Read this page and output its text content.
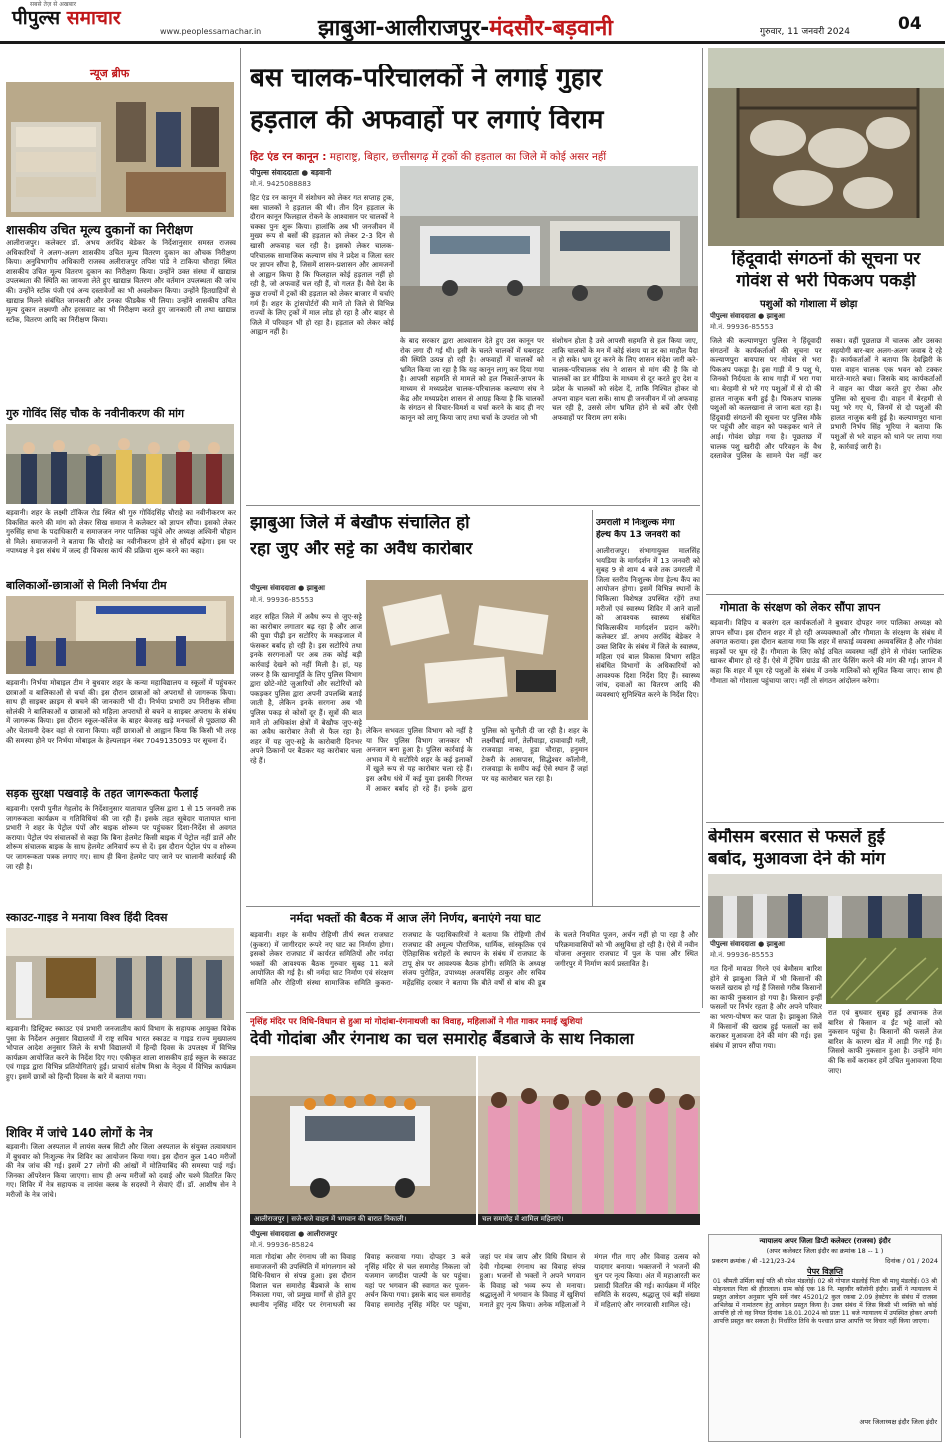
पीपुल्स समाचार
सबसे तेज़ से अखबार
www.peoplessamachar.in	झाबुआ-आलीराजपुर-मंदसौर-बड़वानी	गुरुवार, 11 जनवरी 2024	04
न्यूज ब्रीफ
शासकीय उचित मूल्य दुकानों का निरीक्षण
आलीराजपुर। कलेक्टर डॉ. अभय अरविंद बेडेकर के निर्देशानुसार समस्त राजस्व अधिकारियों ने अलग-अलग शासकीय उचित मूल्य वितरण दुकान का औचक निरीक्षण किया। अनुविभागीय अधिकारी राजस्व अलीराजपुर तपिश पांडे ने टाकिया चौराहा स्थित शासकीय उचित मूल्य वितरण दुकान का निरीक्षण किया। उन्होंने उक्त संस्था में खाद्यान्न उपलब्धता की स्थिति का जायजा लेते हुए खाद्यान्न वितरण और वर्तमान उपलब्धता की जांच की। उन्होंने स्टॉक पंजी एवं अन्य दस्तावेजों का भी अवलोकन किया। उन्होंने हितग्राहियों से खाद्यान्न मिलने संबंधित जानकारी और उनका फीडबैक भी लिया। उन्होंने शासकीय उचित मूल्य दुकान लक्ष्मणी और हरसवाट का भी निरीक्षण करते हुए जानकारी ली तथा खाद्यान्न स्टॉक, वितरण आदि का निरीक्षण किया।
गुरु गोविंद सिंह चौक के नवीनीकरण की मांग
बड़वानी। शहर के लक्ष्मी टॉकिज रोड स्थित श्री गुरु गोविंदसिंह चौराहे का नवीनीकरण कर विकसित करने की मांग को लेकर सिख समाज ने कलेक्टर को ज्ञापन सौंपा। इसको लेकर गुरुसिंह सभा के पदाधिकारी व समाजजन नगर पालिका पहुंचे और अध्यक्ष अश्विनी चौहान से मिले। समाजजनों ने बताया कि चौराहे का नवीनीकरण होने से सौंदर्य बढ़ेगा। इस पर नपाध्यक्ष ने इस संबंध में जल्द ही विकास कार्य की प्रक्रिया शुरू करने का कहा।
बालिकाओं-छात्राओं से मिली निर्भया टीम
बड़वानी। निर्भया मोबाइल टीम ने बुधवार शहर के कन्या महाविद्यालय व स्कूलों में पहुंचकर छात्राओं व बालिकाओं से चर्चा की। इस दौरान छात्राओं को अपराधों से जागरूक किया। साथ ही साइबर क्राइम से बचने की जानकारी भी दी। निर्भया प्रभारी उप निरीक्षक सीमा सोलंकी ने बालिकाओं व छात्राओं को महिला अपराधों से बचने व साइबर अपराध के संबंध में जागरूक किया। इस दौरान स्कूल-कॉलेज के बाहर बेवजह खड़े मनचलों से पूछताछ की और चेतावनी देकर वहां से रवाना किया। वहीं छात्राओं से आह्वान किया कि किसी भी तरह की समस्या होने पर निर्भया मोबाइल के हेल्पलाइन नंबर 7049135093 पर सूचना दें।
सड़क सुरक्षा पखवाड़े के तहत जागरूकता फैलाई
बड़वानी। एसपी पुनीत गेहलोद के निर्देशानुसार यातायात पुलिस द्वारा 1 से 15 जनवरी तक जागरूकता कार्यक्रम व गतिविधियां की जा रही हैं। इसके तहत सूबेदार यातायात थाना प्रभारी ने शहर के पेट्रोल पंपों और बाइक शोरूम पर पहुंचकर दिशा-निर्देश से अवगत कराया। पेट्रोल पंप संचालकों से कहा कि बिना हेलमेट किसी बाइक में पेट्रोल नहीं डालें और शोरूम संचालक बाइक के साथ हेलमेट अनिवार्य रूप से दें। इस दौरान पेट्रोल पंप व शोरूम पर जागरूकता पत्रक लगाए गए। साथ ही बिना हेलमेट पाए जाने पर चालानी कार्रवाई की जा रही है।
स्काउट-गाइड ने मनाया विश्व हिंदी दिवस
बड़वानी। डिस्ट्रिक्ट स्काउट एवं प्रभारी जनजातीय कार्य विभाग के सहायक आयुक्त विवेक पुसा के निर्देशन अनुसार विद्यालयों में राष्ट्र सचिव भारत स्काउट व गाइड राज्य मुख्यालय भोपाल आदेश अनुसार जिले के सभी विद्यालयों में हिन्दी दिवस के उपलक्ष्य में विभिन्न कार्यक्रम आयोजित करने के निर्देश दिए गए। एकीकृत शाला शासकीय हाई स्कूल के स्काउट एवं गाइड द्वारा विभिन्न प्रतियोगिताएं हुईं। प्राचार्य संतोष मिश्रा के नेतृत्व में विभिन्न कार्यक्रम हुए। इसमें छात्रों को हिन्दी दिवस के बारे में बताया गया।
शिविर में जांचे 140 लोगों के नेत्र
बड़वानी। जिला अस्पताल में लायंस क्लब सिटी और जिला अस्पताल के संयुक्त तत्वावधान में बुधवार को निःशुल्क नेत्र शिविर का आयोजन किया गया। इस दौरान कुल 140 मरीजों की नेत्र जांच की गई। इसमें 27 लोगों की आंखों में मोतियाबिंद की समस्या पाई गई। जिनका ऑपरेशन किया जाएगा। साथ ही अन्य मरीजों को दवाई और चश्मे वितरित किए गए। शिविर में नेत्र सहायक व लायंस क्लब के सदस्यों ने सेवाएं दीं। डॉ. आशीष सेन ने मरीजों के नेत्र जांचे।
बस चालक-परिचालकों ने लगाई गुहार
हड़ताल की अफवाहों पर लगाएं विराम
हिट एंड रन कानून : महाराष्ट्र, बिहार, छत्तीसगढ़ में ट्रकों की हड़ताल का जिले में कोई असर नहीं
पीपुल्स संवाददाता ● बड़वानी
मो.नं. 9425088883
हिट एंड रन कानून में संशोधन को लेकर गत सप्ताह ट्रक, बस चालकों ने हड़ताल की थी। तीन दिन हड़ताल के दौरान कानून फिलहाल रोकने के आश्वासन पर चालकों ने चक्का पुनः शुरू किया। हालांकि अब भी जनजीवन में मुख्य रूप से बसों की हड़ताल को लेकर 2-3 दिन से खासी अफवाह चल रही है। इसको लेकर चालक-परिचालक सामाजिक कल्याण संघ ने प्रदेश व जिला स्तर पर ज्ञापन सौंपा है, जिसमें शासन-प्रशासन और आमजनों से आह्वान किया है कि फिलहाल कोई हड़ताल नहीं हो रही है, जो अफवाहें चल रही हैं, वो गलत हैं। वैसे देश के कुछ राज्यों में ट्रकों की हड़ताल को लेकर बाजार में चर्चाएं गर्म हैं। शहर के ट्रांसपोर्टरों की मानें तो जिले से विभिन्न राज्यों के लिए ट्रकों में माल लोड हो रहा है और बाहर से जिले में परिवहन भी हो रहा है। हड़ताल को लेकर कोई आह्वान नहीं है।
के बाद सरकार द्वारा आश्वासन देते हुए उस कानून पर रोक लगा दी गई थी। इसी के चलते चालकों में घबराहट की स्थिति उत्पन्न हो रही है। अफवाहों में चालकों को भ्रमित किया जा रहा है कि यह कानून लागू कर दिया गया है। आपसी सहमति से मामले को हल निकालें-ज्ञापन के माध्यम से मध्यप्रदेश चालक-परिचालक कल्याण संघ ने केंद्र और मध्यप्रदेश शासन से आग्रह किया है कि चालकों के संगठन से विचार-विमर्श व चर्चा करने के बाद ही नए कानून को लागू किया जाए तथा चर्चा के उपरांत जो भी
संशोधन होता है उसे आपसी सहमति से हल किया जाए, ताकि चालकों के मन में कोई संशय या डर का माहौल पैदा न हो सके। भ्रम दूर करने के लिए शासन संदेश जारी करे-चालक-परिचालक संघ ने शासन से मांग की है कि वो चालकों का डर मीडिया के माध्यम से दूर करते हुए देश व प्रदेश के चालकों को संदेश दें, ताकि निश्चित होकर वो अपना वाहन चला सकें। साथ ही जनजीवन में जो अफवाह चल रही है, उससे लोग भ्रमित होने से बचें और ऐसी अफवाहों पर विराम लग सके।
हिंदूवादी संगठनों की सूचना पर
गोवंश से भरी पिकअप पकड़ी
पशुओं को गोशाला में छोड़ा
पीपुल्स संवाददाता ● झाबुआ
मो.नं. 99936-85553
जिले की कल्याणपुरा पुलिस ने हिंदूवादी संगठनों के कार्यकर्ताओं की सूचना पर कल्याणपुरा बायपास पर गोवंश से भरा पिकअप पकड़ा है। इस गाड़ी में 9 पशु थे, जिनको निर्दयता के साथ गाड़ी में भरा गया था। बेरहमी से भरे गए पशुओं में से दो की हालत नाजुक बनी हुई है। पिकअप चालक पशुओं को कत्लखाना ले जाना बता रहा है। हिंदूवादी संगठनों की सूचना पर पुलिस मौके पर पहुंची और वाहन को पकड़कर थाने ले आई। गोवंश छोड़ा गया है। पूछताछ में चालक पशु खरीदी और परिवहन के वैध दस्तावेज पुलिस के सामने पेश नहीं कर सका। वहीं पूछताछ में चालक और उसका सहयोगी बार-बार अलग-अलग जवाब दे रहे हैं। कार्यकर्ताओं ने बताया कि देवझिरी के पास वाहन चालक एक भवन को टक्कर मारते-मारते बचा। जिसके बाद कार्यकर्ताओं ने वाहन का पीछा करते हुए रोका और पुलिस को सूचना दी। वाहन में बेरहमी से पशु भरे गए थे, जिनमें से दो पशुओं की हालत नाजुक बनी हुई है। कल्याणपुरा थाना प्रभारी निर्भय सिंह भूरिया ने बताया कि पशुओं से भरे वाहन को थाने पर लाया गया है, कार्रवाई जारी है।
गोमाता के संरक्षण को लेकर सौंपा ज्ञापन
बड़वानी। विहिप व बजरंग दल कार्यकर्ताओं ने बुधवार दोपहर नगर पालिका अध्यक्ष को ज्ञापन सौंपा। इस दौरान शहर में हो रही अव्यवस्थाओं और गौमाता के संरक्षण के संबंध में अवगत कराया। इस दौरान बताया गया कि शहर में सफाई व्यवस्था अव्यवस्थित है और गोवंश सड़कों पर घूम रहे हैं। गौमाता के लिए कोई उचित व्यवस्था नहीं होने से गोवंश प्लास्टिक खाकर बीमार हो रहे हैं। ऐसे में ट्रेंचिंग ग्राउंड की तार फेंसिंग करने की मांग की गई। ज्ञापन में कहा कि शहर में घूम रहे पशुओं के संबंध में उनके मालिकों को सूचित किया जाए। साथ ही गौमाता को गोशाला पहुंचाया जाए। नहीं तो संगठन आंदोलन करेगा।
झाबुआ जिले में बेखौफ संचालित हो
रहा जुए और सट्टे का अवैध कारोबार
पीपुल्स संवाददाता ● झाबुआ
मो.नं. 99936-85553
शहर सहित जिले में अवैध रूप से जुए-सट्टे का कारोबार लगातार बढ़ रहा है और आज की युवा पीढ़ी इन सटोरिए के मकड़जाल में फंसकर बर्बाद हो रही है। इस सटोरिये तथा इनके सरगनाओं पर अब तक कोई बड़ी कार्रवाई देखने को नहीं मिली है। हां, यह जरूर है कि खानापूर्ति के लिए पुलिस विभाग द्वारा छोटे-मोटे जुआरियों और सटोरियों को पकड़कर पुलिस द्वारा अपनी उपलब्धि बताई जाती है, लेकिन इनके सरगना अब भी पुलिस पकड़ से कोसों दूर हैं। सूत्रों की बात मानें तो अधिकांश क्षेत्रों में बेखौफ जुए-सट्टे का अवैध कारोबार तेजी से फैल रहा है। शहर में यह जुए-सट्टे के कारोबारी दिनभर अपने ठिकानों पर बैठकर यह कारोबार चला रहे हैं।
लेकिन सभवतः पुलिस विभाग को नहीं है या फिर पुलिस विभाग जानकार भी अनजान बना हुआ है। पुलिस कार्रवाई के अभाव में ये सटोरिये शहर के कई इलाकों में खुले रूप से यह कारोबार चला रहे हैं। इस अवैध धंधे में कई युवा इसकी गिरफ्त में आकर बर्बाद हो रहे हैं। इनके द्वारा पुलिस को चुनौती दी जा रही है। शहर के लक्ष्मीबाई मार्ग, तेलीवाड़ा, दावावाड़ी गली, राजवाड़ा नाका, हुडा चौराहा, हनुमान टेकरी के आसपास, सिद्धेश्वर कॉलोनी, राजवाड़ा के समीप कई ऐसे स्थान हैं जहां पर यह कारोबार चल रहा है।
उमराली में निःशुल्क मेगा
हेल्थ कैंप 13 जनवरी को
आलीराजपुर। संभागायुक्त मालसिंह भयडिया के मार्गदर्शन में 13 जनवरी को सुबह 9 से शाम 4 बजे तक उमराली में जिला स्तरीय निःशुल्क मेगा हेल्थ कैंप का आयोजन होगा। इसमें विभिन्न स्थानों के चिकित्सा विशेषज्ञ उपस्थित रहेंगे तथा मरीजों एवं स्वास्थ्य शिविर में आने वालों को आवश्यक स्वास्थ्य संबंधित चिकित्सकीय मार्गदर्शन प्रदान करेंगे। कलेक्टर डॉ. अभय अरविंद बेडेकर ने उक्त शिविर के संबंध में जिले के स्वास्थ्य, महिला एवं बाल विकास विभाग सहित संबंधित विभागों के अधिकारियों को आवश्यक दिशा निर्देश दिए हैं। स्वास्थ्य जांच, दवाओं का वितरण आदि की व्यवस्थाएं सुनिश्चित करने के निर्देश दिए।
नर्मदा भक्तों की बैठक में आज लेंगे निर्णय, बनाएंगे नया घाट
बड़वानी। शहर के समीप रोहिणी तीर्थ स्थल राजघाट (कुकरा) में जागीरदार रूपरे नए घाट का निर्माण होगा। इसको लेकर राजघाट में कार्यरत समितियों और नर्मदा भक्तों की आवश्यक बैठक गुरुवार सुबह 11 बजे आयोजित की गई है। श्री नर्मदा घाट निर्माण एवं संरक्षण समिति और रोहिणी संस्था सामाजिक समिति कुकरा-राजघाट के पदाधिकारियों ने बताया कि रोहिणी तीर्थ राजघाट की अमूल्य पौराणिक, धार्मिक, सांस्कृतिक एवं ऐतिहासिक धरोहरों के स्थापन के संबंध में राजघाट के टापू क्षेत्र पर आवश्यक बैठक होगी। समिति के अध्यक्ष संजय पुरोहित, उपाध्यक्ष अजयसिंह ठाकुर और सचिव महेंद्रसिंह दरबार ने बताया कि बीते वर्षों से बांध की डूब के चलते नियमित पूजन, अर्चन नहीं हो पा रहा है और परिक्रमावासियों को भी असुविधा हो रही है। ऐसे में नवीन योजना अनुसार राजघाट में पुल के पास और स्थित जगीरपुर में निर्माण कार्य प्रस्तावित है।
बेमौसम बरसात से फसलें हुईं
बर्बाद, मुआवजा देने की मांग
पीपुल्स संवाददाता ● झाबुआ
मो.नं. 99936-85553
गत दिनों मावठा गिरने एवं बेमौसम बारिश होने से झाबुआ जिले में भी किसानों की फसलें खराब हो गई हैं जिससे गरीब किसानों का काफी नुकसान हो गया है। किसान इन्हीं फसलों पर निर्भर रहता है और अपने परिवार का भरण-पोषण कर पाता है। झाबुआ जिले में किसानों की खराब हुई फसलों का सर्वे कराकर मुआवजा देने की मांग की गई। इस संबंध में ज्ञापन सौंपा गया।
रात एवं बुधवार सुबह हुई अचानक तेज बारिश से किसान व ईंट भट्टे वालों को नुकसान पहुंचा है। किसानों की फसलें तेज बारिश के कारण खेत में आड़ी गिर गई हैं। जिससे काफी नुकसान हुआ है। उन्होंने मांग की कि सर्वे कराकर हमें उचित मुआवजा दिया जाए।
नृसिंह मंदिर पर विधि-विधान से हुआ मां गोदांबा-रंगनाथजी का विवाह, महिलाओं ने गीत गाकर मनाई खुशियां
देवी गोदांबा और रंगनाथ का चल समारोह बैंडबाजे के साथ निकाला
आलीराजपुर | सजे-धजे वाहन में भगवान की बारात निकाली।	चल समारोह में शामिल महिलाएं।
पीपुल्स संवाददाता ● आलीराजपुर
मो.नं. 99936-85824
माता गोदांबा और रंगनाथ जी का विवाह समाजजनों की उपस्थिति में मांगलगान को विधि-विधान से संपन्न हुआ। इस दौरान विशाल चल समारोह बैंडबाजे के साथ निकाला गया, जो प्रमुख मार्गों से होते हुए स्थानीय नृसिंह मंदिर पर रंगनाथजी का विवाह करवाया गया। दोपहर 3 बजे नृसिंह मंदिर से चल समारोह निकला जो यजमान जगदीश पाल्पी के घर पहुंचा। यहां पर भगवान की स्वागत कर पूजन-अर्चन किया गया। इसके बाद चल समारोह विवाह समारोह नृसिंह मंदिर पर पहुंचा, जहां पर मंत्र जाप और विधि विधान से देवी गोदम्बा रंगनाथ का विवाह संपन्न हुआ। भजनों से भक्तों ने अपने भगवान के विवाह को भव्य रूप से मनाया। श्रद्धालुओं ने भगवान के विवाह में खुशियां मनाते हुए नृत्य किया। अनेक महिलाओं ने मंगल गीत गाए और विवाह उत्सव को यादगार बनाया। भक्तजनों ने भजनों की धुन पर नृत्य किया। अंत में महाआरती कर प्रसादी वितरित की गई। कार्यक्रम में मंदिर समिति के सदस्य, श्रद्धालु एवं बड़ी संख्या में महिलाएं और नगरवासी शामिल रहे।
न्यायालय अपर जिला डिप्टी कलेक्टर (राजस्व) इंदौर
(अपर कलेक्टर जिला इंदौर का क्रमांक 18 -- 1 )
प्रकरण क्रमांक / बी -121/23-24	दिनांक / 01 / 2024
पेपर विज्ञप्ति
01 श्रीमती उर्मिला बाई पति श्री रमेश मंडलोई। 02 श्री गोपाल मंडलोई पिता श्री माधु मंडलोई। 03 श्री मोहनलाल पिता श्री हीरालाल। ग्राम कोई एक 18 नि. महावीर कॉलोनी इंदौर। प्रार्थी ने न्यायालय में प्रस्तुत आवेदन अनुसार भूमि सर्वे नंबर 45201/2 कुल रकबा 2.09 हेक्टेयर के संबंध में राजस्व अभिलेख में नामांतरण हेतु आवेदन प्रस्तुत किया है। उक्त संबंध में जिस किसी भी व्यक्ति को कोई आपत्ति हो तो वह नियत दिनांक 18.01.2024 को प्रातः 11 बजे न्यायालय में उपस्थित होकर अपनी आपत्ति प्रस्तुत कर सकता है। निर्धारित तिथि के पश्चात प्राप्त आपत्ति पर विचार नहीं किया जाएगा।
अपर जिलाध्यक्ष इंदौर जिला इंदौर
